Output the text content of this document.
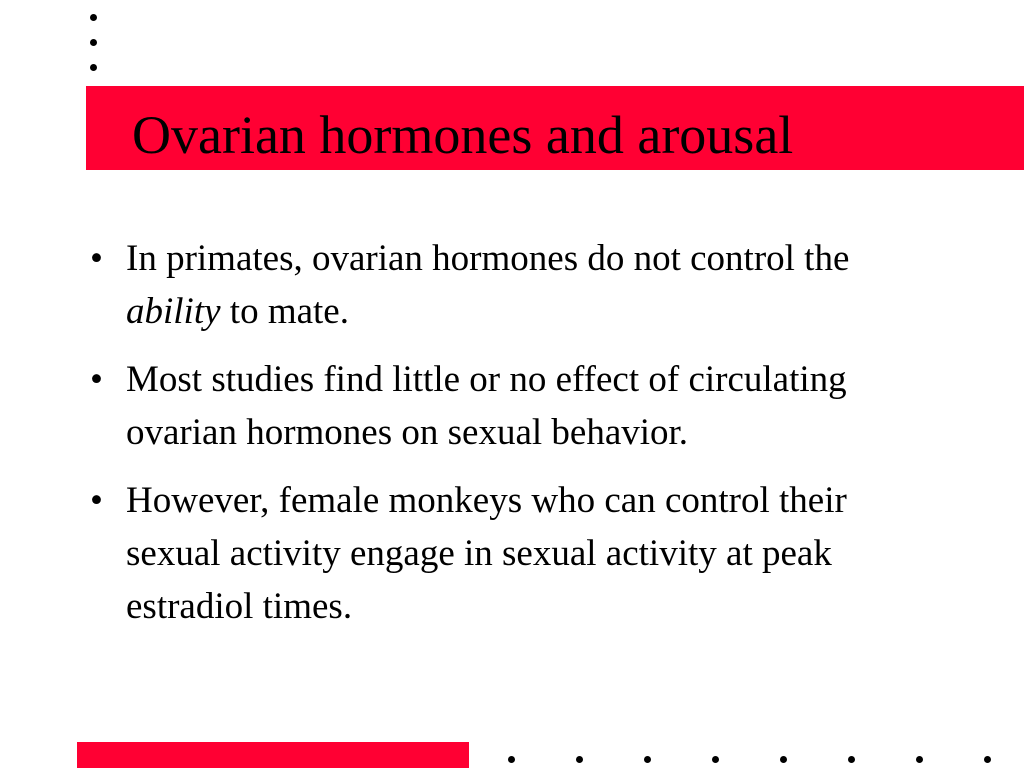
Ovarian hormones and arousal
• In primates, ovarian hormones do not control the ability to mate.
• Most studies find little or no effect of circulating ovarian hormones on sexual behavior.
• However, female monkeys who can control their sexual activity engage in sexual activity at peak estradiol times.
